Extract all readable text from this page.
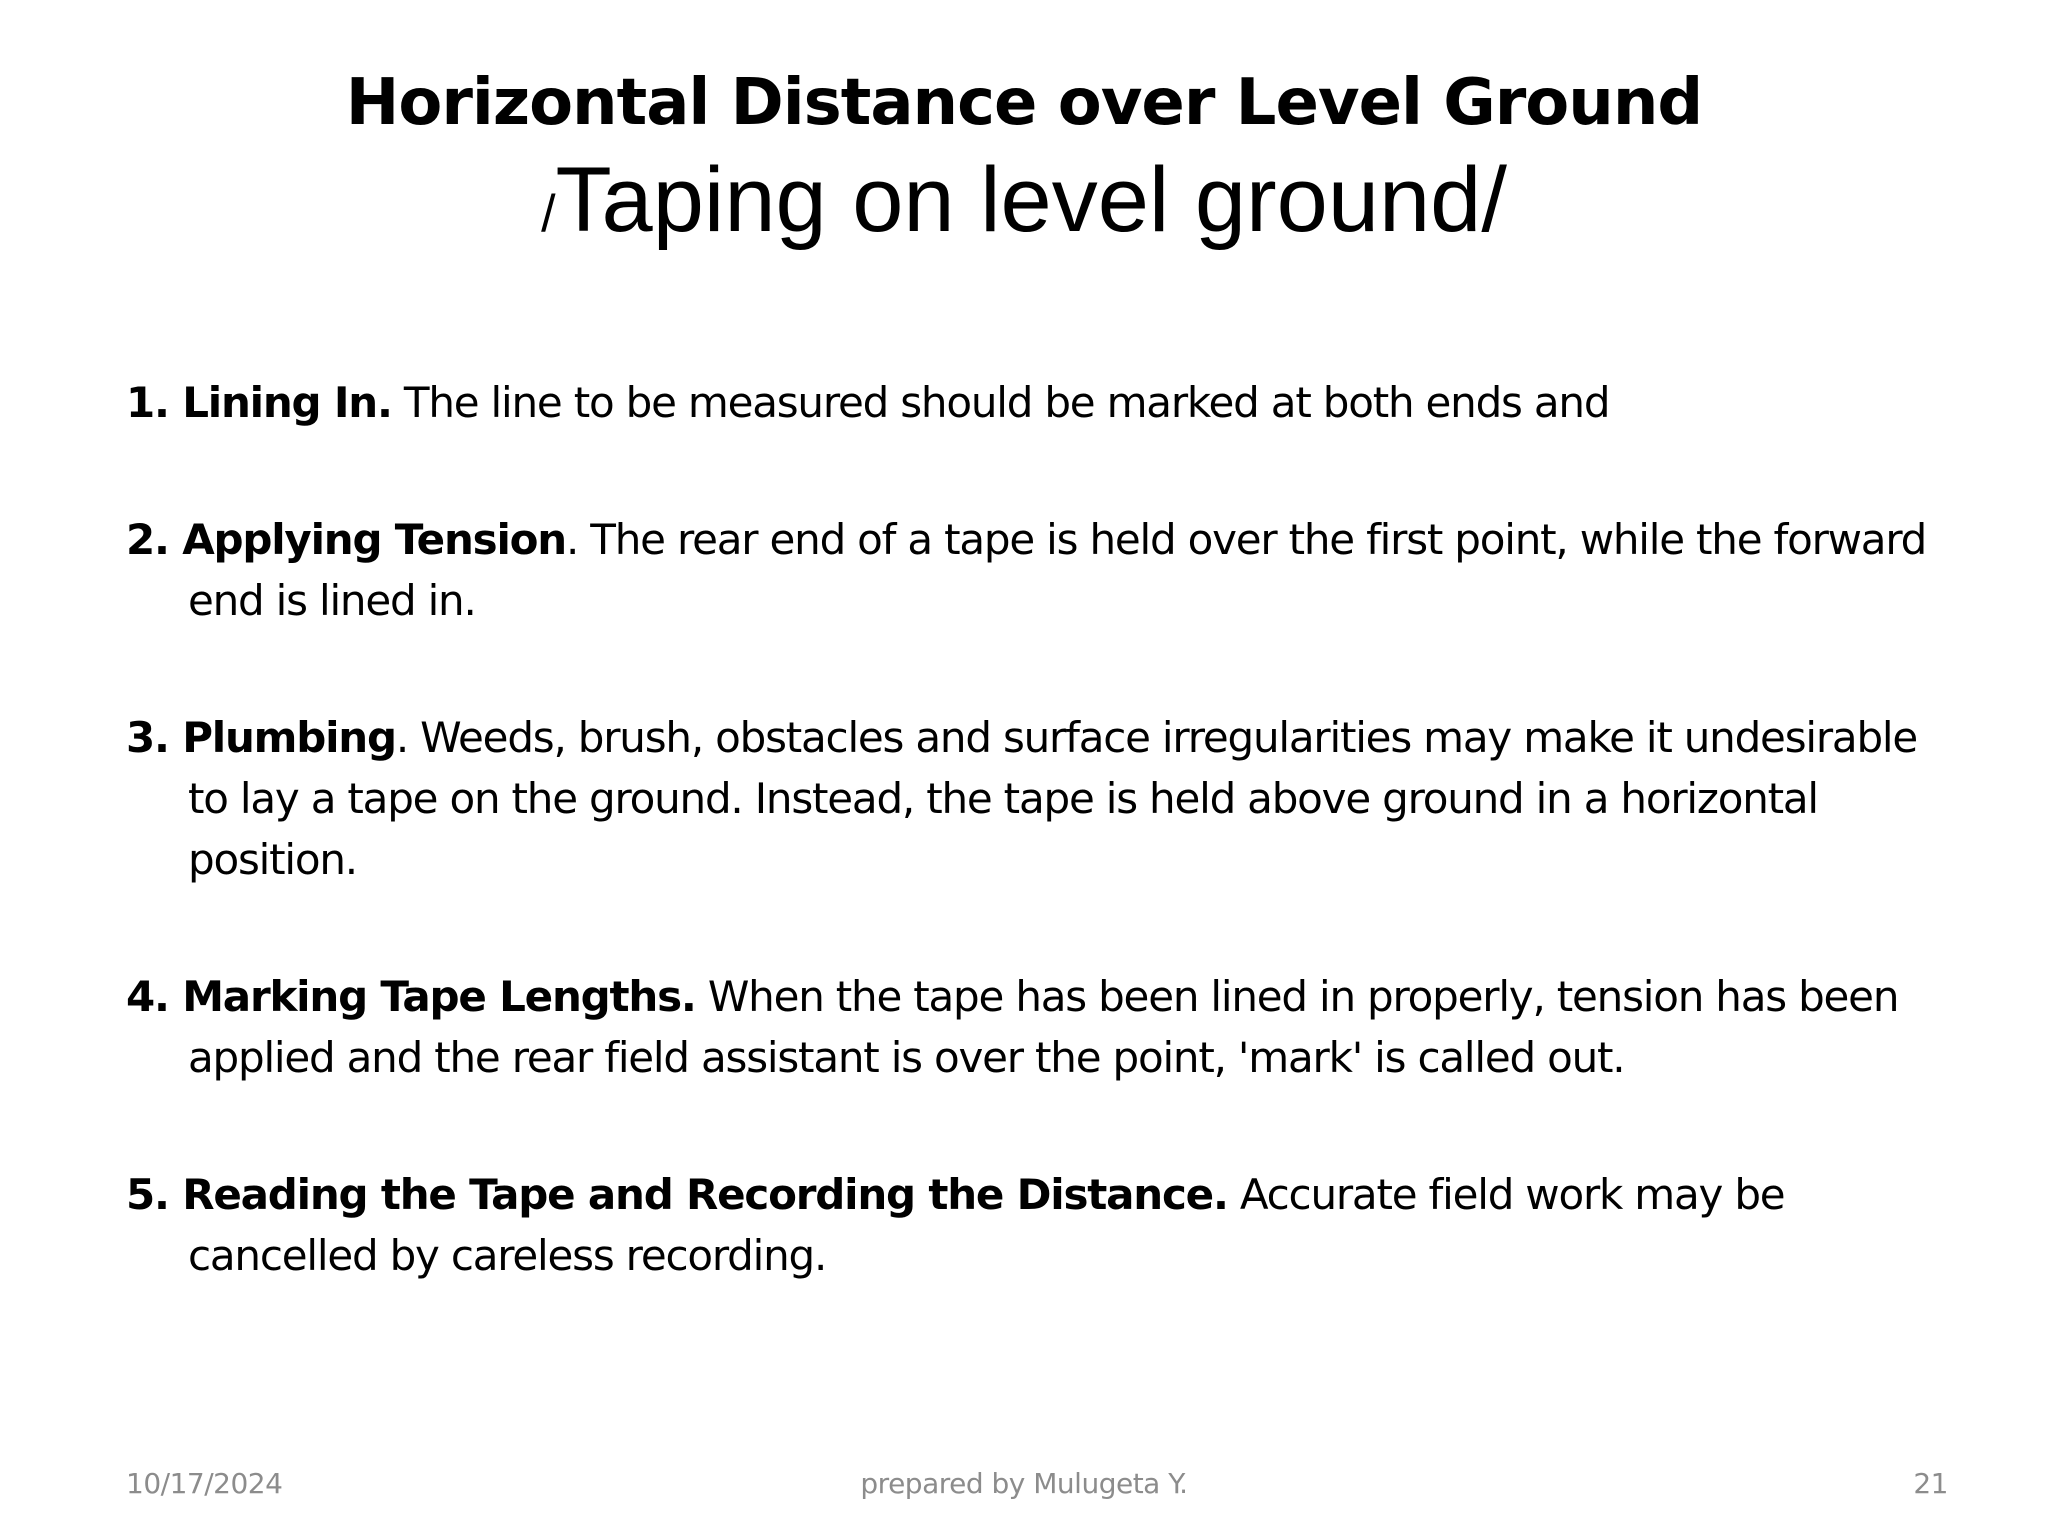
Horizontal Distance over Level Ground
/Taping on level ground/
1. Lining In. The line to be measured should be marked at both ends and
2. Applying Tension. The rear end of a tape is held over the first point, while the forward end is lined in.
3. Plumbing. Weeds, brush, obstacles and surface irregularities may make it undesirable to lay a tape on the ground. Instead, the tape is held above ground in a horizontal position.
4. Marking Tape Lengths. When the tape has been lined in properly, tension has been applied and the rear field assistant is over the point, 'mark' is called out.
5. Reading the Tape and Recording the Distance. Accurate field work may be cancelled by careless recording.
10/17/2024	prepared by Mulugeta Y.	21
